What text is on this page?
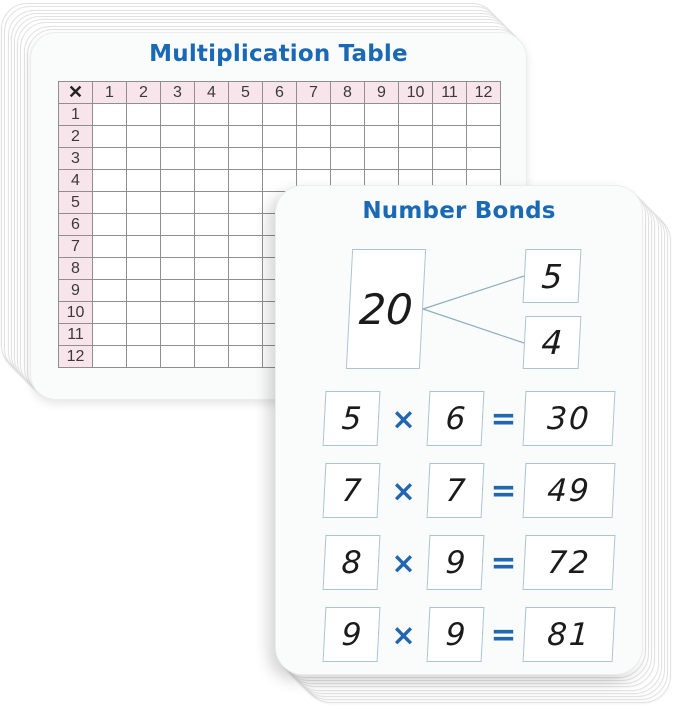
Multiplication Table
✕	1	2	3	4	5	6	7	8	9	10	11	12
1												
2												
3												
4												
5												
6												
7												
8												
9												
10												
11												
12												
Number Bonds
20
5
4
5	× 6 = 30
7	× 7 = 49
8	× 9 = 72
9	× 9 = 81
